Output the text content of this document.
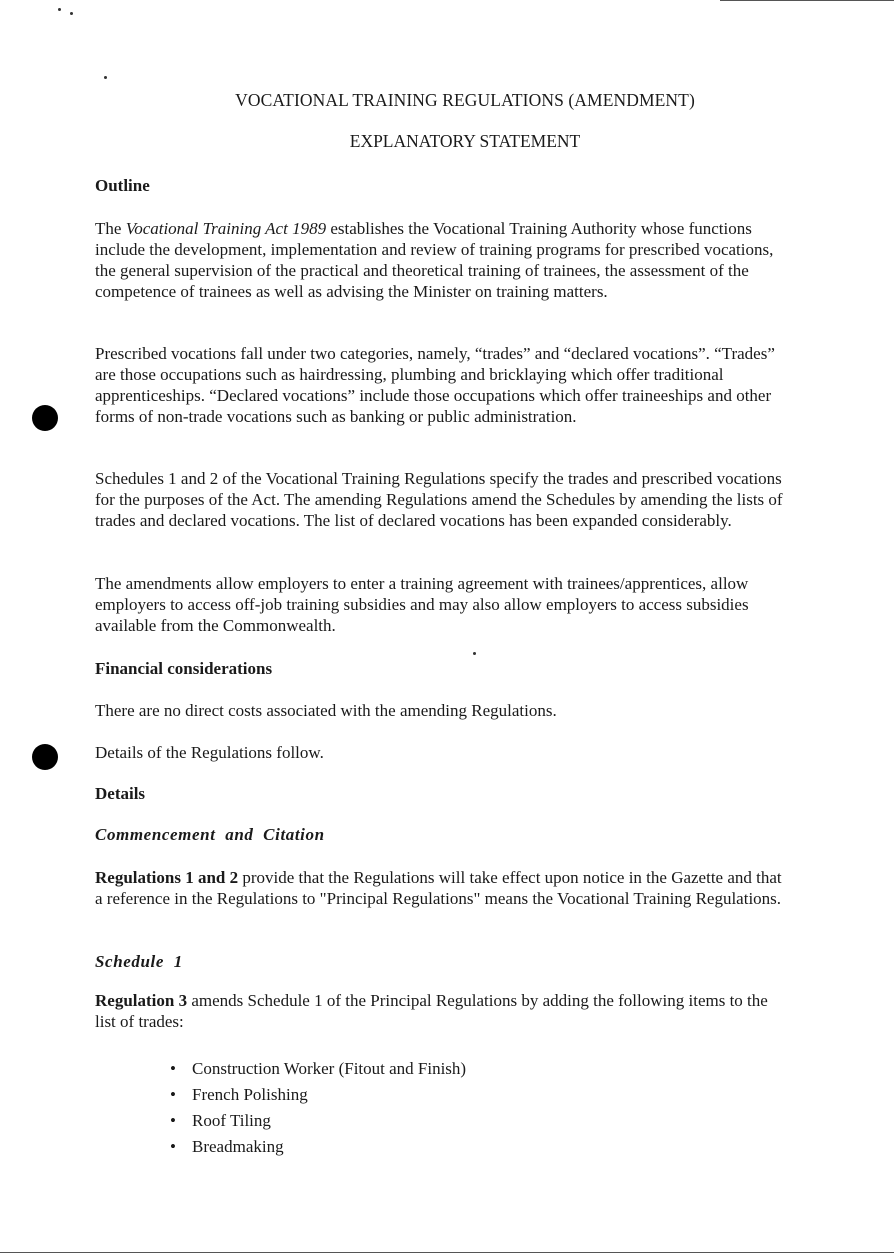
VOCATIONAL TRAINING REGULATIONS (AMENDMENT)
EXPLANATORY STATEMENT
Outline

The Vocational Training Act 1989 establishes the Vocational Training Authority whose functions include the development, implementation and review of training programs for prescribed vocations, the general supervision of the practical and theoretical training of trainees, the assessment of the competence of trainees as well as advising the Minister on training matters.

Prescribed vocations fall under two categories, namely, “trades” and “declared vocations”. “Trades” are those occupations such as hairdressing, plumbing and bricklaying which offer traditional apprenticeships. “Declared vocations” include those occupations which offer traineeships and other forms of non-trade vocations such as banking or public administration.

Schedules 1 and 2 of the Vocational Training Regulations specify the trades and prescribed vocations for the purposes of the Act. The amending Regulations amend the Schedules by amending the lists of trades and declared vocations. The list of declared vocations has been expanded considerably.

The amendments allow employers to enter a training agreement with trainees/apprentices, allow employers to access off-job training subsidies and may also allow employers to access subsidies available from the Commonwealth.

Financial considerations

There are no direct costs associated with the amending Regulations.

Details of the Regulations follow.

Details
Commencement  and  Citation

Regulations 1 and 2 provide that the Regulations will take effect upon notice in the Gazette and that a reference in the Regulations to "Principal Regulations" means the Vocational Training Regulations.

Schedule  1

Regulation 3 amends Schedule 1 of the Principal Regulations by adding the following items to the list of trades:

• Construction Worker (Fitout and Finish)
• French Polishing
• Roof Tiling
• Breadmaking
